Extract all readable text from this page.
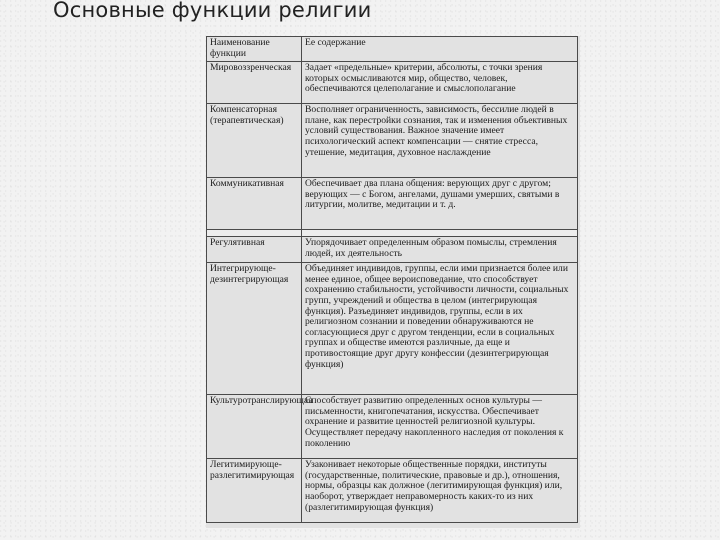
Основные функции религии
Наименование функции	Ее содержание
Мировоззренческая	Задает «предельные» критерии, абсолюты, с точки зрения которых осмысливаются мир, общество, человек, обеспечиваются целеполагание и смыслополагание
Компенсаторная (терапевтическая)	Восполняет ограниченность, зависимость, бессилие людей в плане, как перестройки сознания, так и изменения объективных условий существования. Важное значение имеет психологический аспект компенсации — снятие стресса, утешение, медитация, духовное наслаждение
Коммуникативная	Обеспечивает два плана общения: верующих друг с другом; верующих — с Богом, ангелами, душами умерших, святыми в литургии, молитве, медитации и т. д.

Регулятивная	Упорядочивает определенным образом помыслы, стремления людей, их деятельность
Интегрирующе-дезинтегрирующая	Объединяет индивидов, группы, если ими признается более или менее единое, общее вероисповедание, что способствует сохранению стабильности, устойчивости личности, социальных групп, учреждений и общества в целом (интегрирующая функция). Разъединяет индивидов, группы, если в их религиозном сознании и поведении обнаруживаются не согласующиеся друг с другом тенденции, если в социальных группах и обществе имеются различные, да еще и противостоящие друг другу конфессии (дезинтегрирующая функция)
Культуротранслирующая	Способствует развитию определенных основ культуры — письменности, книгопечатания, искусства. Обеспечивает охранение и развитие ценностей религиозной культуры. Осуществляет передачу накопленного наследия от поколения к поколению
Легитимирующе-разлегитимирующая	Узаконивает некоторые общественные порядки, институты (государственные, политические, правовые и др.), отношения, нормы, образцы как должное (легитимирующая функция) или, наоборот, утверждает неправомерность каких-то из них (разлегитимирующая функция)
